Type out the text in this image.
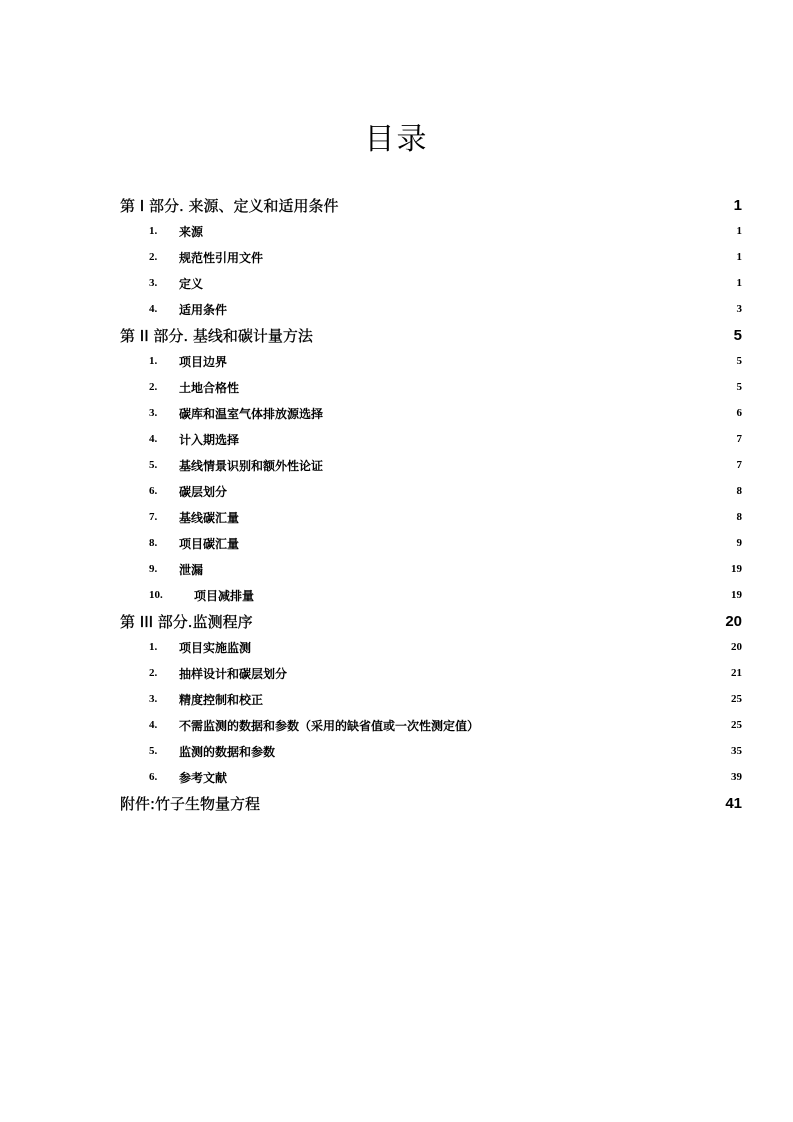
目录
第 I 部分. 来源、定义和适用条件	1
1.	来源	1
2.	规范性引用文件	1
3.	定义	1
4.	适用条件	3
第 II 部分. 基线和碳计量方法	5
1.	项目边界	5
2.	土地合格性	5
3.	碳库和温室气体排放源选择	6
4.	计入期选择	7
5.	基线情景识别和额外性论证	7
6.	碳层划分	8
7.	基线碳汇量	8
8.	项目碳汇量	9
9.	泄漏	19
10.	项目减排量	19
第 III 部分.监测程序	20
1.	项目实施监测	20
2.	抽样设计和碳层划分	21
3.	精度控制和校正	25
4.	不需监测的数据和参数（采用的缺省值或一次性测定值）	25
5.	监测的数据和参数	35
6.	参考文献	39
附件:竹子生物量方程	41
